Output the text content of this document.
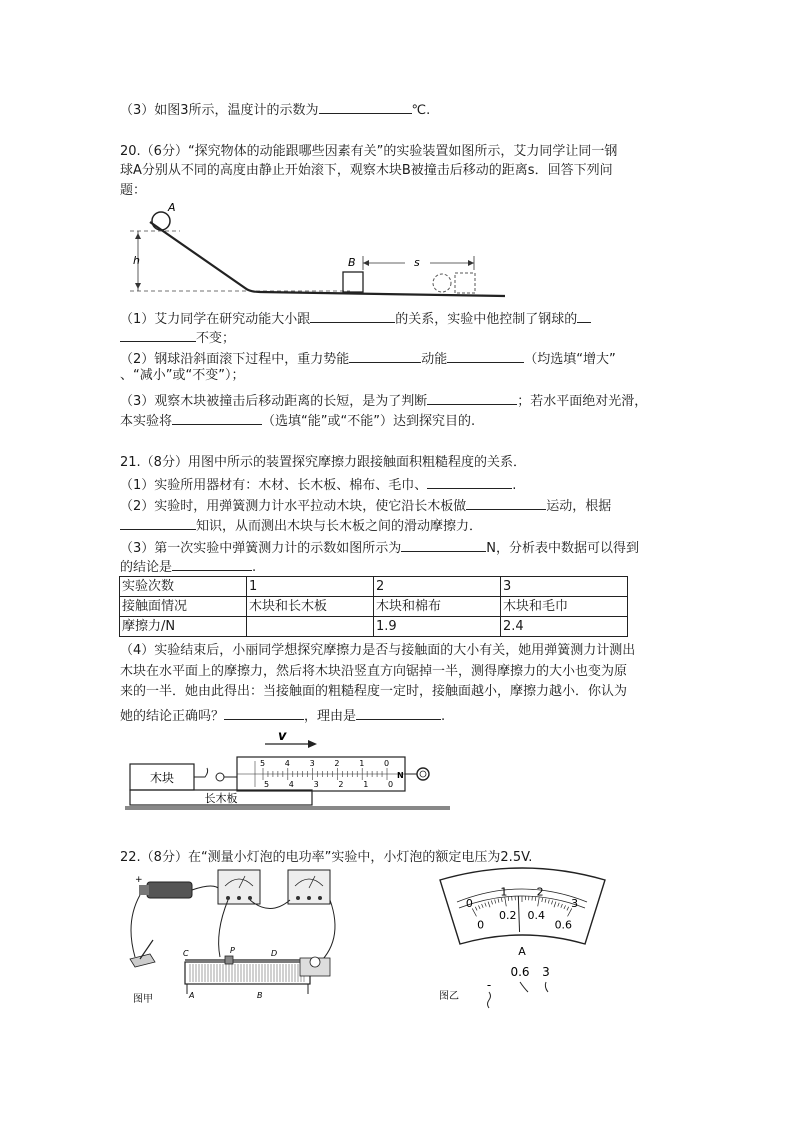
（3）如图3所示，温度计的示数为	℃.
20.（6分）“探究物体的动能跟哪些因素有关”的实验装置如图所示，艾力同学让同一钢
球A分别从不同的高度由静止开始滚下，观察木块B被撞击后移动的距离s．回答下列问
题：
h
A
B	s
（1）艾力同学在研究动能大小跟	的关系，实验中他控制了钢球的
不变；
（2）钢球沿斜面滚下过程中，重力势能	动能	（均选填“增大”
、“减小”或“不变”）；
（3）观察木块被撞击后移动距离的长短，是为了判断	；若水平面绝对光滑，
本实验将	（选填“能”或“不能”）达到探究目的.
21.（8分）用图中所示的装置探究摩擦力跟接触面积粗糙程度的关系．
（1）实验所用器材有：木材、长木板、棉布、毛巾、	.
（2）实验时，用弹簧测力计水平拉动木块，使它沿长木板做	运动，根据
知识，从而测出木块与长木板之间的滑动摩擦力．
（3）第一次实验中弹簧测力计的示数如图所示为	N，分析表中数据可以得到
的结论是	.
实验次数	1	2	3
接触面情况	木块和长木板	木块和棉布	木块和毛巾
摩擦力/N		1.9	2.4
（4）实验结束后，小丽同学想探究摩擦力是否与接触面的大小有关，她用弹簧测力计测出
木块在水平面上的摩擦力，然后将木块沿竖直方向锯掉一半，测得摩擦力的大小也变为原
来的一半．她由此得出：当接触面的粗糙程度一定时，接触面越小，摩擦力越小．你认为
她的结论正确吗？	，理由是	.
v
长木板
木块
0
1
2
3
4
5
0
1
2
3
4
5
N
22.（8分）在“测量小灯泡的电功率”实验中，小灯泡的额定电压为2.5V.
+
P
C	D
A	B
图甲
0
1	2
3
0
0.2 0.4
0.6
A
-
0.6 3
图乙
